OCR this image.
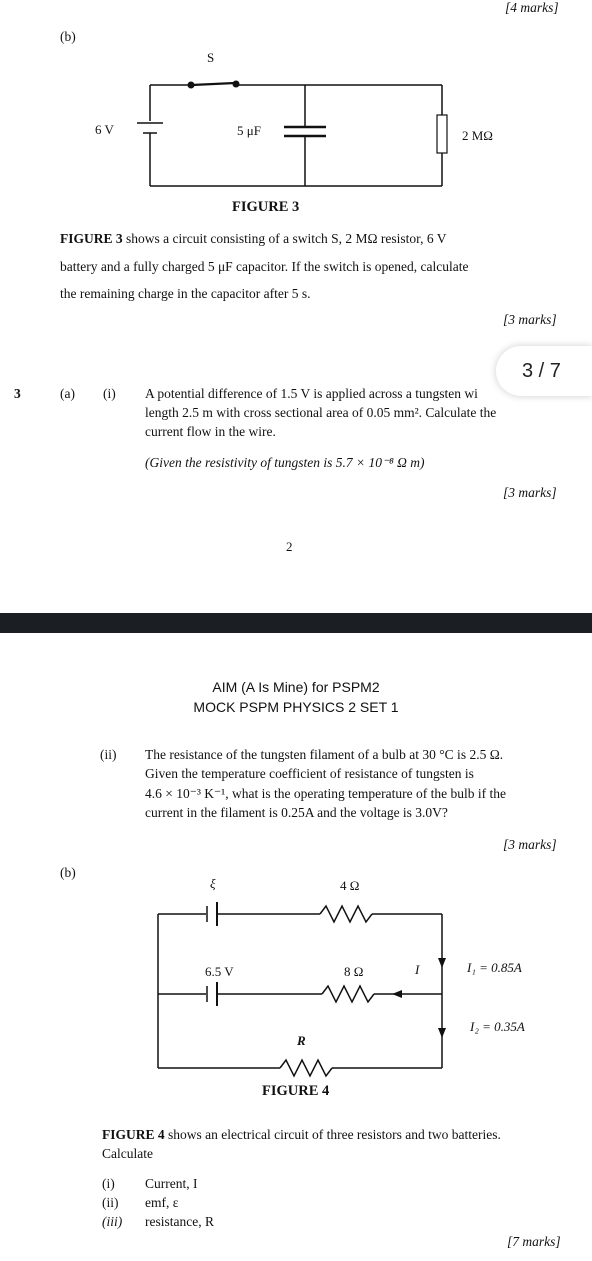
[4 marks]
(b)
S
6 V	5 μF	2 MΩ
FIGURE 3
FIGURE 3 shows a circuit consisting of a switch S, 2 MΩ resistor, 6 V
battery and a fully charged 5 μF capacitor. If the switch is opened, calculate
the remaining charge in the capacitor after 5 s.
[3 marks]
3	(a) (i) A potential difference of 1.5 V is applied across a tungsten wi
length 2.5 m with cross sectional area of 0.05 mm². Calculate the
current flow in the wire.
(Given the resistivity of tungsten is 5.7 × 10⁻⁸ Ω m)
[3 marks]
2
3 / 7
AIM (A Is Mine) for PSPM2
MOCK PSPM PHYSICS 2 SET 1
(ii) The resistance of the tungsten filament of a bulb at 30 °C is 2.5 Ω.
Given the temperature coefficient of resistance of tungsten is
4.6 × 10⁻³ K⁻¹, what is the operating temperature of the bulb if the
current in the filament is 0.25A and the voltage is 3.0V?
[3 marks]
(b)
ξ	4 Ω
6.5 V	8 Ω	I	I₁ = 0.85A
I₂ = 0.35A
R
FIGURE 4
FIGURE 4 shows an electrical circuit of three resistors and two batteries.
Calculate
(i) Current, I
(ii) emf, ε
(iii) resistance, R
[7 marks]
